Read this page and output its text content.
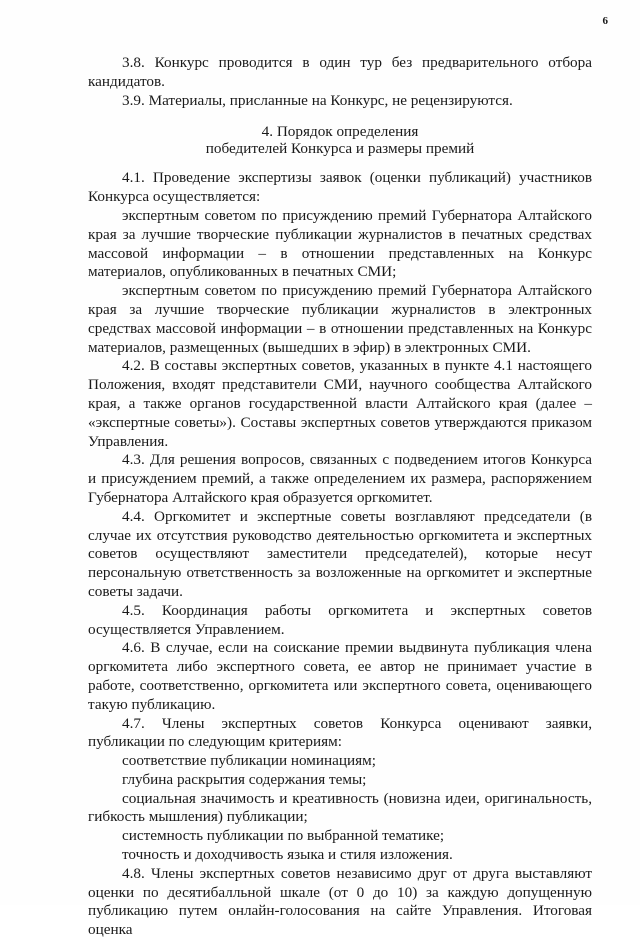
6

3.8. Конкурс проводится в один тур без предварительного отбора кандидатов.

3.9. Материалы, присланные на Конкурс, не рецензируются.

4. Порядок определения
победителей Конкурса и размеры премий

4.1. Проведение экспертизы заявок (оценки публикаций) участников Конкурса осуществляется:

экспертным советом по присуждению премий Губернатора Алтайского края за лучшие творческие публикации журналистов в печатных средствах массовой информации – в отношении представленных на Конкурс материалов, опубликованных в печатных СМИ;

экспертным советом по присуждению премий Губернатора Алтайского края за лучшие творческие публикации журналистов в электронных средствах массовой информации – в отношении представленных на Конкурс материалов, размещенных (вышедших в эфир) в электронных СМИ.

4.2. В составы экспертных советов, указанных в пункте 4.1 настоящего Положения, входят представители СМИ, научного сообщества Алтайского края, а также органов государственной власти Алтайского края (далее – «экспертные советы»). Составы экспертных советов утверждаются приказом Управления.

4.3. Для решения вопросов, связанных с подведением итогов Конкурса и присуждением премий, а также определением их размера, распоряжением Губернатора Алтайского края образуется оргкомитет.

4.4. Оргкомитет и экспертные советы возглавляют председатели (в случае их отсутствия руководство деятельностью оргкомитета и экспертных советов осуществляют заместители председателей), которые несут персональную ответственность за возложенные на оргкомитет и экспертные советы задачи.

4.5. Координация работы оргкомитета и экспертных советов осуществляется Управлением.

4.6. В случае, если на соискание премии выдвинута публикация члена оргкомитета либо экспертного совета, ее автор не принимает участие в работе, соответственно, оргкомитета или экспертного совета, оценивающего такую публикацию.

4.7. Члены экспертных советов Конкурса оценивают заявки, публикации по следующим критериям:

соответствие публикации номинациям;

глубина раскрытия содержания темы;

социальная значимость и креативность (новизна идеи, оригинальность, гибкость мышления) публикации;

системность публикации по выбранной тематике;

точность и доходчивость языка и стиля изложения.

4.8. Члены экспертных советов независимо друг от друга выставляют оценки по десятибалльной шкале (от 0 до 10) за каждую допущенную публикацию путем онлайн-голосования на сайте Управления. Итоговая оценка
